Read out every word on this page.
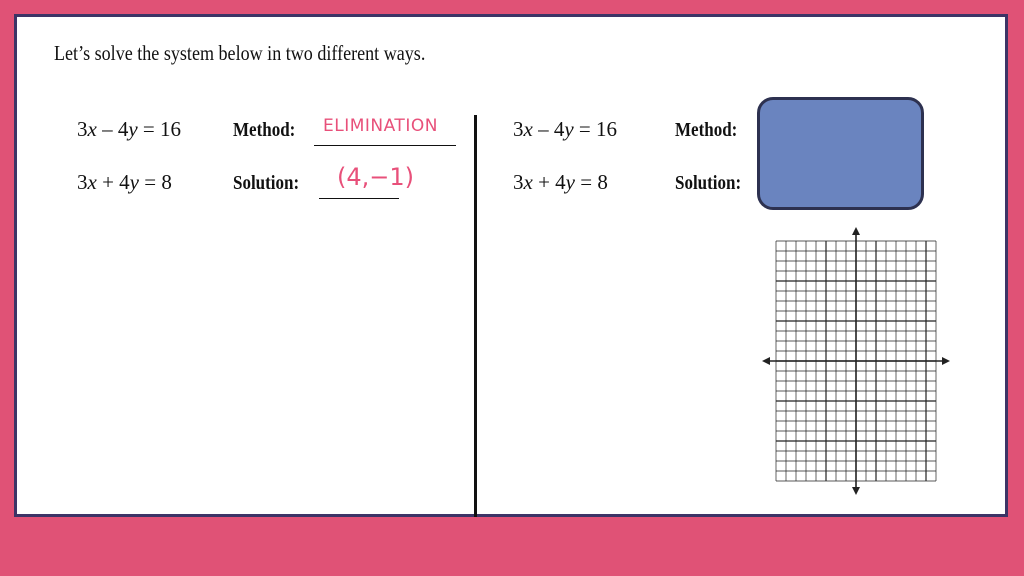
Let’s solve the system below in two different ways.
3x – 4y = 16
3x + 4y = 8
Method: ELIMINATION
Solution: (4,−1)
3x – 4y = 16
3x + 4y = 8
Method:
Solution:
